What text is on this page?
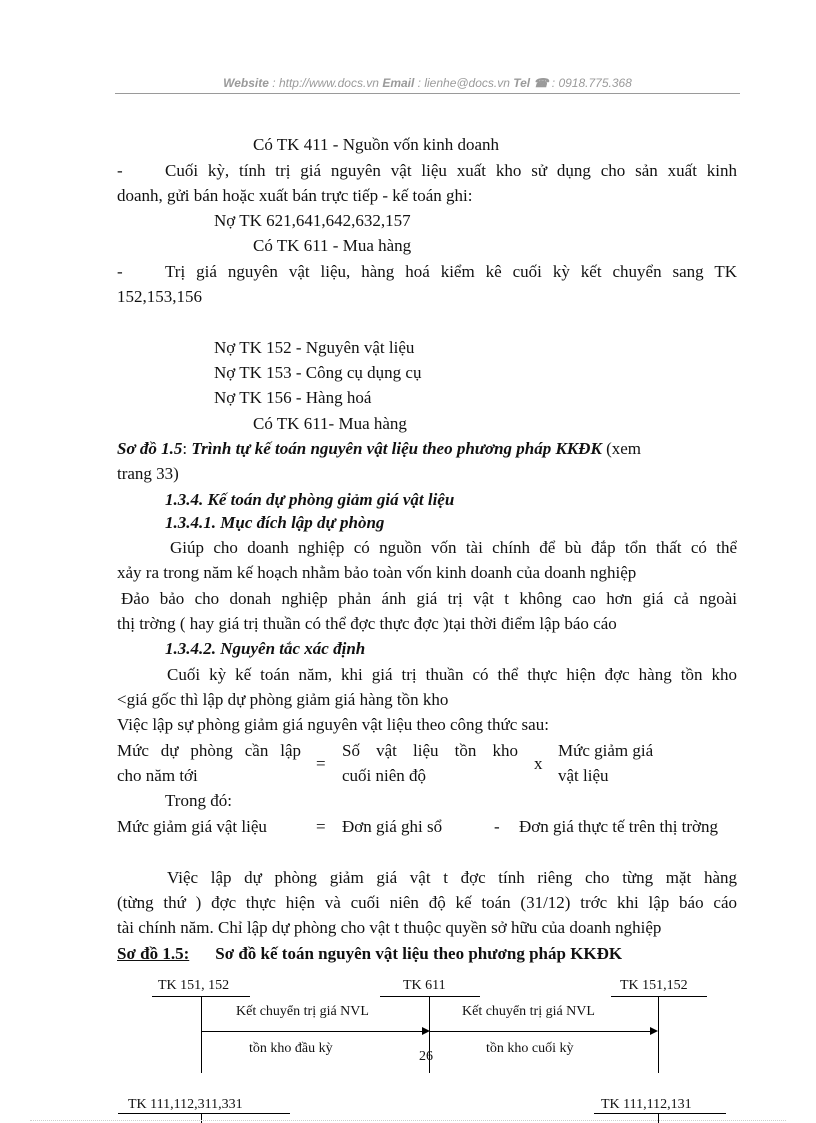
Website : http://www.docs.vn Email : lienhe@docs.vn Tel ☎ : 0918.775.368
Có TK 411 - Nguồn vốn kinh doanh
- Cuối kỳ, tính trị giá nguyên vật liệu xuất kho sử dụng cho sản xuất kinh
doanh, gửi bán hoặc xuất bán trực tiếp - kế toán ghi:
Nợ TK 621,641,642,632,157
Có TK 611 - Mua hàng
- Trị giá nguyên vật liệu, hàng hoá kiểm kê cuối kỳ kết chuyển sang TK
152,153,156
Nợ TK 152 - Nguyên vật liệu
Nợ TK 153 - Công cụ dụng cụ
Nợ TK 156 - Hàng hoá
Có TK 611- Mua hàng
Sơ đồ 1.5: Trình tự kế toán nguyên vật liệu theo phương pháp KKĐK (xem
trang 33)
1.3.4. Kế toán dự phòng giảm giá vật liệu
1.3.4.1. Mục đích lập dự phòng
Giúp cho doanh nghiệp có nguồn vốn tài chính để bù đắp tổn thất có thể
xảy ra trong năm kế hoạch nhằm bảo toàn vốn kinh doanh của doanh nghiệp
Đảo bảo cho donah nghiệp phản ánh giá trị vật t không cao hơn giá cả ngoài
thị trờng ( hay giá trị thuần có thể đợc thực đợc )tại thời điểm lập báo cáo
1.3.4.2. Nguyên tắc xác định
Cuối kỳ kế toán năm, khi giá trị thuần có thể thực hiện đợc hàng tồn kho
<giá gốc thì lập dự phòng giảm giá hàng tồn kho
Việc lập sự phòng giảm giá nguyên vật liệu theo công thức sau:
Mức dự phòng cần lập
cho năm tới
=
Số vật liệu tồn kho
cuối niên độ
x
Mức giảm giá
vật liệu
Trong đó:
Mức giảm giá vật liệu	= Đơn giá ghi sổ	- Đơn giá thực tế trên thị trờng
Việc lập dự phòng giảm giá vật t đợc tính riêng cho từng mặt hàng
(từng thứ ) đợc thực hiện và cuối niên độ kế toán (31/12) trớc khi lập báo cáo
tài chính năm. Chỉ lập dự phòng cho vật t thuộc quyền sở hữu của doanh nghiệp
Sơ đồ 1.5: Sơ đồ kế toán nguyên vật liệu theo phương pháp KKĐK
TK 151, 152	TK 611	TK 151,152
Kết chuyển trị giá NVL
tồn kho đầu kỳ
Kết chuyển trị giá NVL
tồn kho cuối kỳ
26
TK 111,112,311,331	TK 111,112,131
